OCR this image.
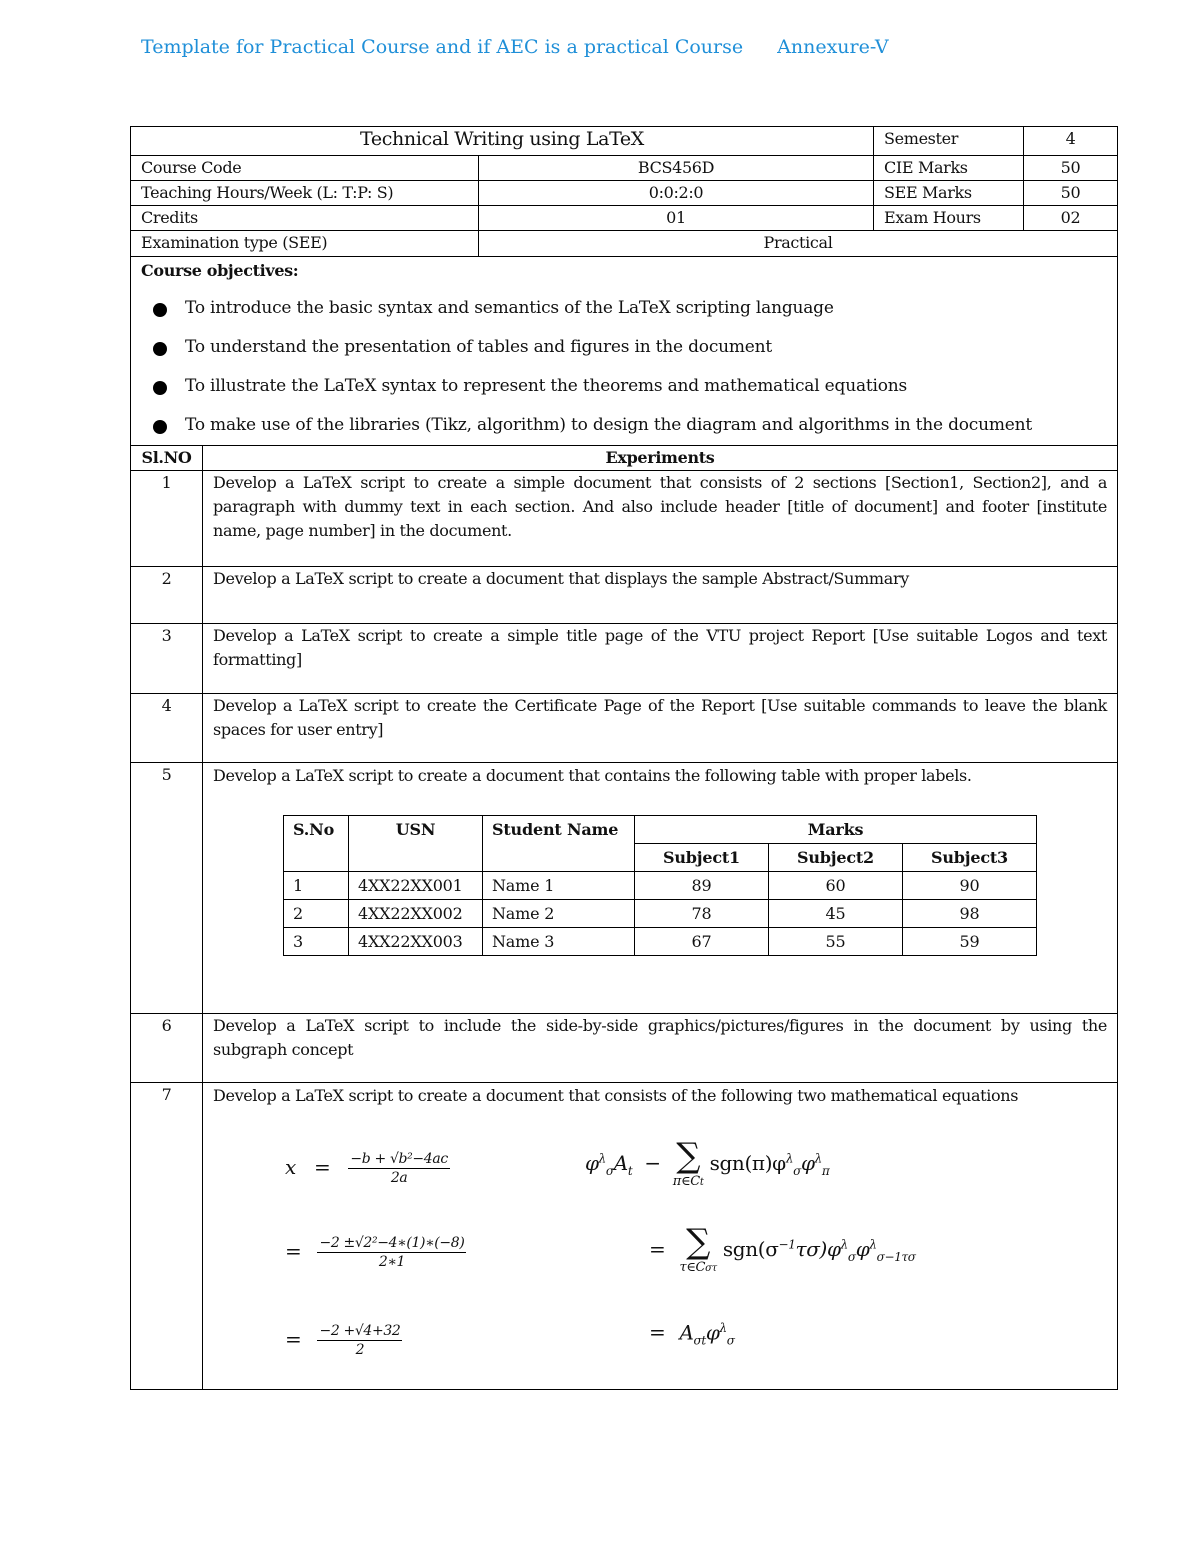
Template for Practical Course and if AEC is a practical Course Annexure-V
Technical Writing using LaTeX	Semester	4
Course Code	BCS456D	CIE Marks	50
Teaching Hours/Week (L: T:P: S)	0:0:2:0	SEE Marks	50
Credits	01	Exam Hours	02
Examination type (SEE)	Practical

Course objectives:
To introduce the basic syntax and semantics of the LaTeX scripting language
To understand the presentation of tables and figures in the document
To illustrate the LaTeX syntax to represent the theorems and mathematical equations
To make use of the libraries (Tikz, algorithm) to design the diagram and algorithms in the document

Sl.NO	Experiments
1	Develop a LaTeX script to create a simple document that consists of 2 sections [Section1, Section2], and a paragraph with dummy text in each section. And also include header [title of document] and footer [institute name, page number] in the document.
2	Develop a LaTeX script to create a document that displays the sample Abstract/Summary
3	Develop a LaTeX script to create a simple title page of the VTU project Report [Use suitable Logos and text formatting]
4	Develop a LaTeX script to create the Certificate Page of the Report [Use suitable commands to leave the blank spaces for user entry]
5	Develop a LaTeX script to create a document that contains the following table with proper labels.
S.No	USN	Student Name	Marks
Subject1	Subject2	Subject3
1	4XX22XX001	Name 1	89	60	90
2	4XX22XX002	Name 2	78	45	98
3	4XX22XX003	Name 3	67	55	59

6	Develop a LaTeX script to include the side-by-side graphics/pictures/figures in the document by using the subgraph concept
7	Develop a LaTeX script to create a document that consists of the following two mathematical equations
$x = \frac{\text{−b + √b²−4ac}}{2a}$
= $\frac{\text{−2 ±√2²−4∗(1)∗(−8)}}{2∗1}$
= $\frac{-2 +√4+32}{2}$
$\varphi^\lambda_\sigma A_t$ − ∑
π∈Ct
$sgn(\pi)\varphi^\lambda_\sigma\varphi^\lambda_\pi$
= ∑
τ∈Cστ
$sgn(\sigma^{-1}\tau\sigma)\varphi^\lambda_\sigma\varphi^\lambda_{\sigma-1\tau\sigma}$
= $A_{\sigma t}\varphi^\lambda_\sigma$
